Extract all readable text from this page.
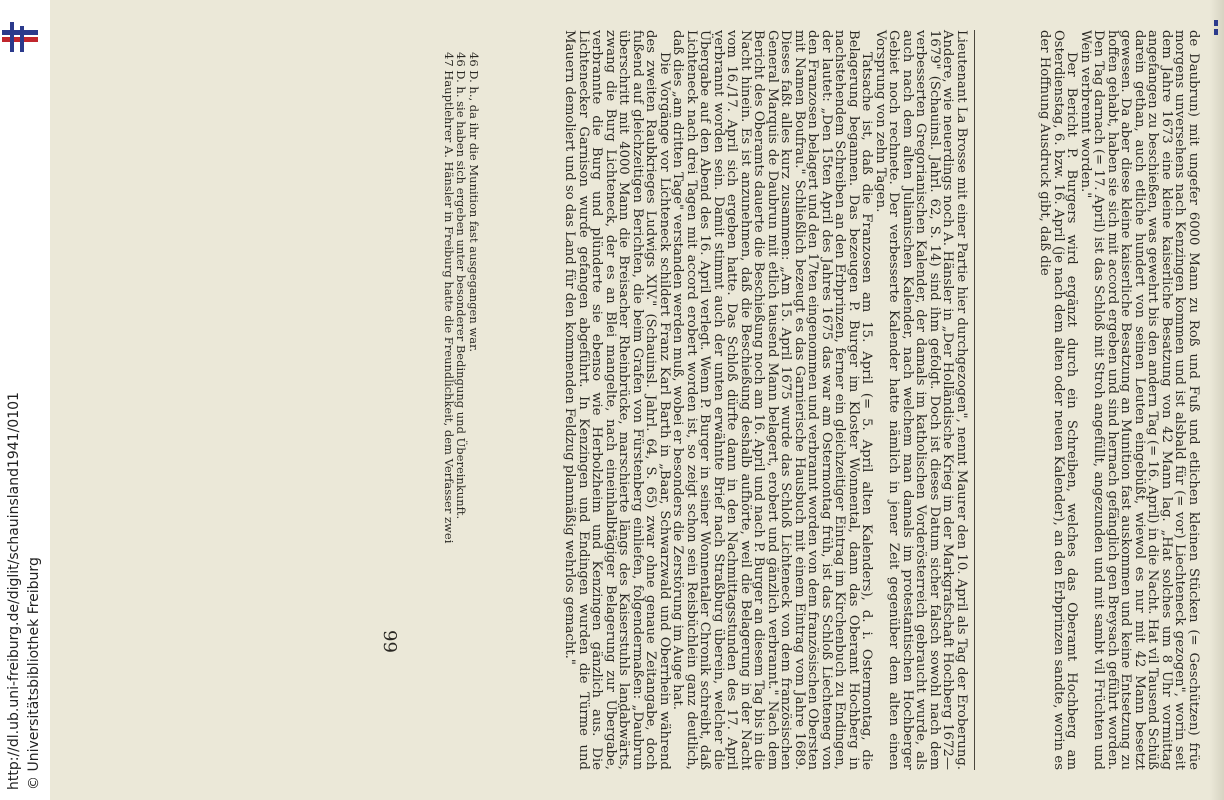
http://dl.ub.uni-freiburg.de/diglit/schauinsland1941/0101 © Universitätsbibliothek Freiburg	de Daubrun) mit ungefer 6000 Mann zu Roß und Fuß und etlichen kleinen Stücken (= Geschützen) früe morgens unversehens nach Kenzingen kommen und ist alsbald für (= vor) Liechteneck gezogen", worin seit dem Jahre 1673 eine kleine kaiserliche Besatzung von 42 Mann lag. „Hat solches um 8 Uhr vormittag angefangen zu beschießen, was gewehrt bis den andern Tag (= 16. April) in die Nacht. Hat vil Tausend Schüß darein gethan, auch etliche hundert von seinen Leuten eingebüßt, wiewol es nur mit 42 Mann besetzt gewesen. Da aber diese kleine kaiserliche Besatzung an Munition fast auskommen und keine Entsetzung zu hoffen gehabt, haben sie sich mit accord ergeben und sind hernach gefänglich gen Breysach geführt worden. Den Tag darnach (= 17. April) ist das Schloß mit Stroh angefüllt, angezunden und mit sambt vil Früchten und Wein verbrennt worden."

Der Bericht P. Burgers wird ergänzt durch ein Schreiben, welches das Oberamt Hochberg am Osterdienstag, 6. bzw. 16. April (je nach dem alten oder neuen Kalender), an den Erbprinzen sandte, worin es der Hoffnung Ausdruck gibt, daß die

Lieutenant La Brosse mit einer Partie hier durchgezogen", nennt Maurer den 10. April als Tag der Eroberung. Andere, wie neuerdings noch A. Hänsler in „Der Holländische Krieg im der Markgrafschaft Hochberg 1672—1679" (Schauinsl. Jahrl. 62, S. 14) sind ihm gefolgt. Doch ist dieses Datum sicher falsch sowohl nach dem verbesserten Gregorianischen Kalender, der damals im katholischen Vorderösterreich gebraucht wurde, als auch nach dem alten Julianischen Kalender, nach welchem man damals im protestantischen Hochberger Gebiet noch rechnete. Der verbesserte Kalender hatte nämlich in jener Zeit gegenüber dem alten einen Vorsprung von zehn Tagen.

Tatsache ist, daß die Franzosen am 15. April (= 5. April alten Kalenders), d. i. Ostermontag, die Belagerung begannen. Das bezeugen P. Burger im Kloster Wonnental, dann das Oberamt Hochberg in nachstehendem Schreiben an den Erbprinzen, ferner ein gleichzeitiger Eintrag im Kirchenbuch zu Endingen, der lautet: „Den 15ten April des Jahres 1675 das war am Ostermontag früh, ist das Schloß Liechteneg von den Franzosen belagert und den 17ten eingenommen und verbrannt worden von dem französischen Obersten mit Namen Boufrau." Schließlich bezeugt es das Garnierische Hausbuch mit einem Eintrag vom Jahre 1689. Dieses faßt alles kurz zusammen: „Am 15. April 1675 wurde das Schloß Lichteneck von dem französischen General Marquis de Daubrun mit etlich tausend Mann belagert, erobert und gänzlich verbrannt." Nach dem Bericht des Oberamts dauerte die Beschießung noch am 16. April und nach P. Burger an diesem Tag bis in die Nacht hinein. Es ist anzunehmen, daß die Beschießung deshalb aufhörte, weil die Belagerung in der Nacht vom 16./17. April sich ergeben hatte. Das Schloß dürfte dann in den Nachmittagsstunden des 17. April verbrannt worden sein. Damit stimmt auch der unten erwähnte Brief nach Straßburg überein, welcher die Übergabe auf den Abend des 16. April verlegt. Wenn P. Burger in seiner Wonnentaler Chronik schreibt, daß Lichteneck nach drei Tagen mit accord erobert worden ist, so zeigt schon sein Reisbüchlein ganz deutlich, daß dies „am dritten Tage" verstanden werden muß, wobei er besonders die Zerstörung im Auge hat.

Die Vorgänge vor Lichteneck schildert Franz Karl Barth in „Baar, Schwarzwald und Oberrhein während des zweiten Raubkrieges Ludwigs XIV." (Schauinsl. Jahrl. 64, S. 65) zwar ohne genaue Zeitangabe, doch fußend auf gleichzeitigen Berichten, die beim Grafen von Fürstenberg einliefen, folgendermaßen: „Daubrun überschritt mit 4000 Mann die Breisacher Rheinbrücke, marschierte längs des Kaiserstuhls landabwärts, zwang die Burg Lichteneck, der es an Blei mangelte, nach eineinhalbtägiger Belagerung zur Übergabe, verbrannte die Burg und plünderte sie ebenso wie Herbolzheim und Kenzingen gänzlich aus. Die Lichtenecker Garnison wurde gefangen abgeführt. In Kenzingen und Endingen wurden die Türme und Mauern demoliert und so das Land für den kommenden Feldzug planmäßig wehrlos gemacht."

46 D. h., da ihr die Munition fast ausgegangen war.

46 D. h. sie haben sich ergeben unter besonderer Bedingung und Übereinkunft.

47 Hauptlehrer A. Hänsler in Freiburg hatte die Freundlichkeit, dem Verfasser zwei

99
